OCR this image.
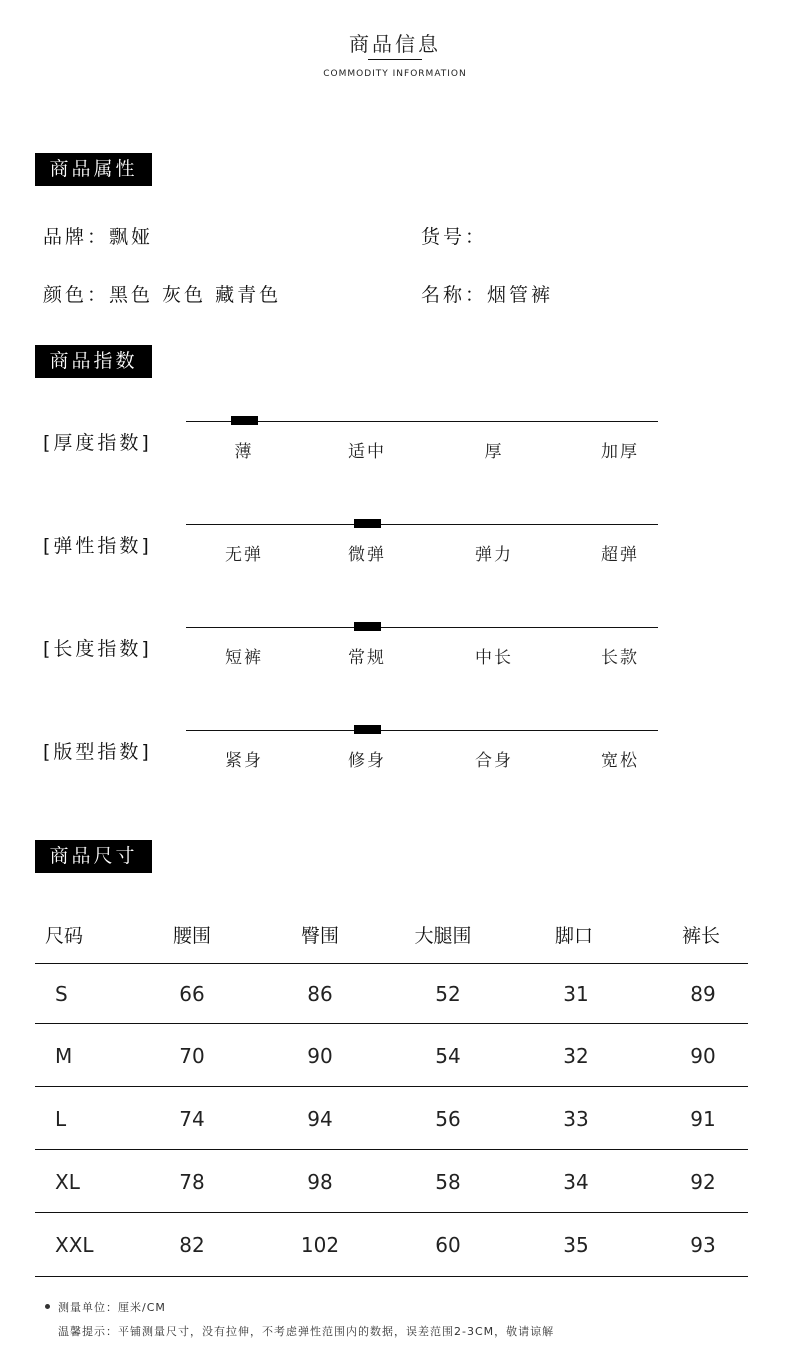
商品信息
COMMODITY INFORMATION
商品属性
品牌：飘娅	货号：
颜色：黑色 灰色 藏青色	名称：烟管裤
商品指数
[厚度指数]	薄	适中	厚	加厚
[弹性指数]	无弹	微弹	弹力	超弹
[长度指数]	短裤	常规	中长	长款
[版型指数]	紧身	修身	合身	宽松
商品尺寸
尺码	腰围	臀围	大腿围	脚口	裤长
S	66	86	52	31	89
M	70	90	54	32	90
L	74	94	56	33	91
XL	78	98	58	34	92
XXL	82	102	60	35	93
测量单位：厘米/CM
温馨提示：平铺测量尺寸，没有拉伸，不考虑弹性范围内的数据，误差范围2-3CM，敬请谅解
